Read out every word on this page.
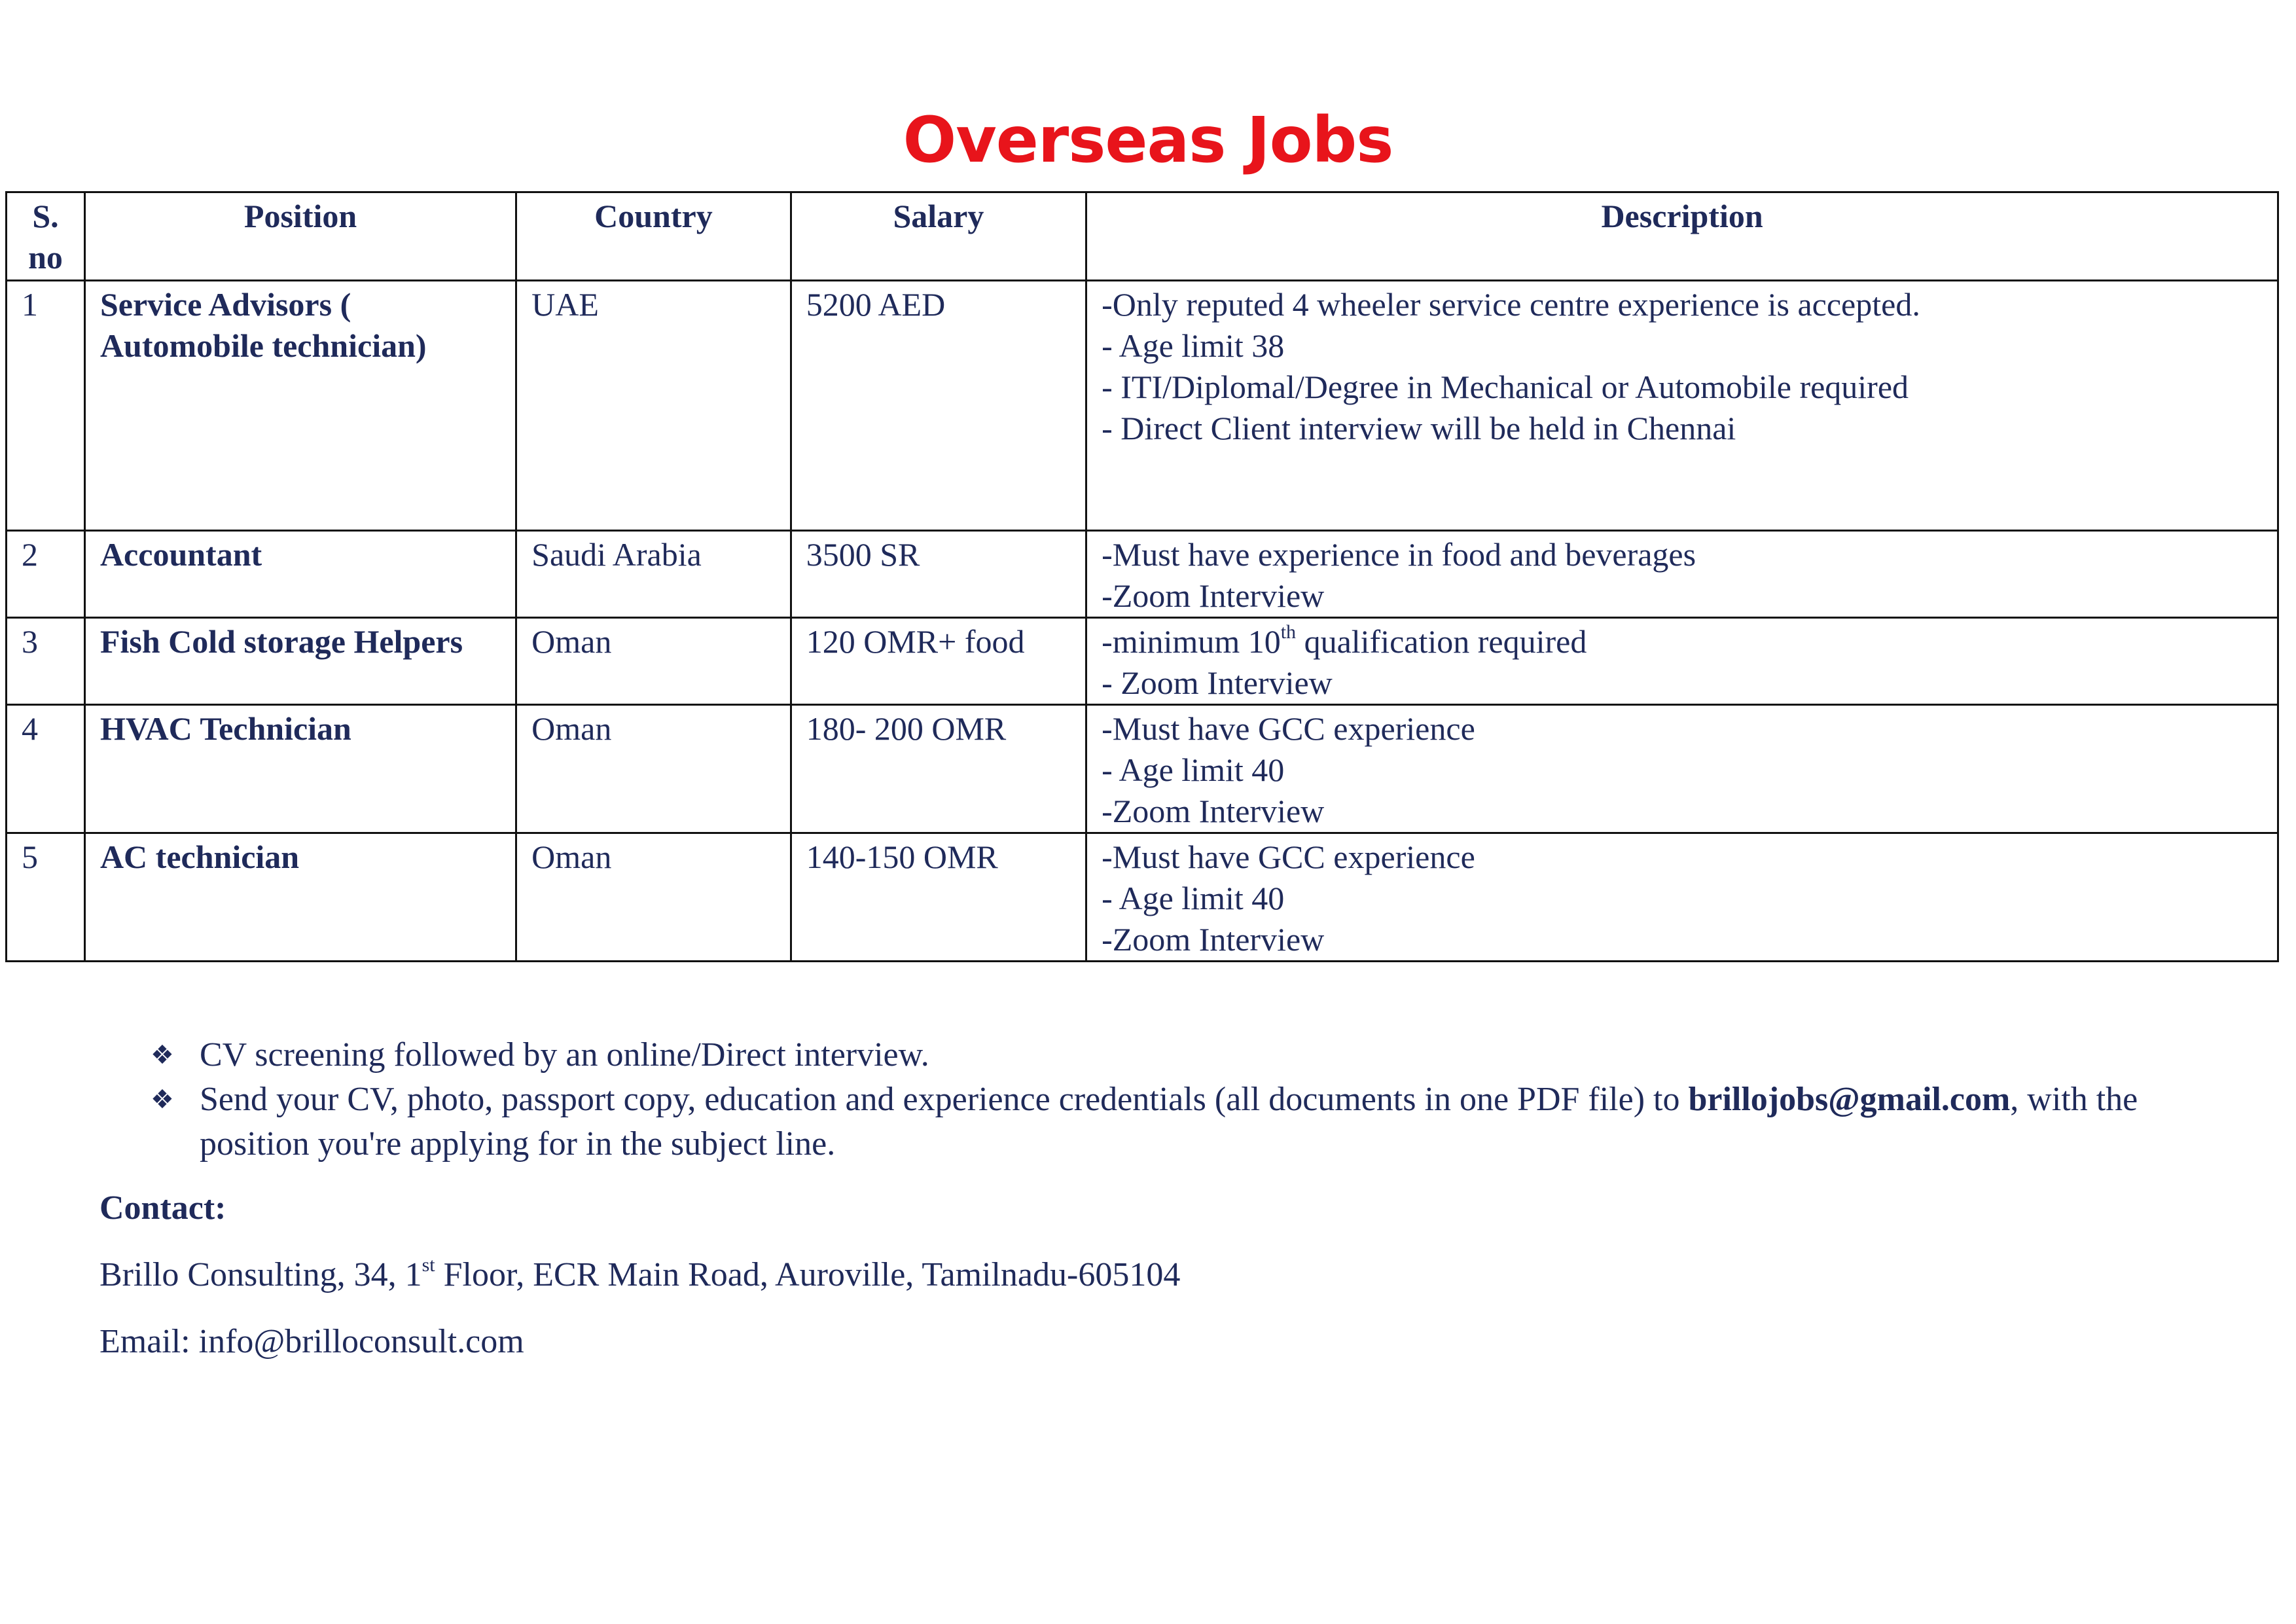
Overseas Jobs
S. no	Position	Country	Salary	Description
1	Service Advisors ( Automobile technician)	UAE	5200 AED	-Only reputed 4 wheeler service centre experience is accepted.
- Age limit 38
- ITI/Diplomal/Degree in Mechanical or Automobile required
- Direct Client interview will be held in Chennai

2	Accountant	Saudi Arabia	3500 SR	-Must have experience in food and beverages
-Zoom Interview

3	Fish Cold storage Helpers	Oman	120 OMR+ food	-minimum 10th qualification required
- Zoom Interview

4	HVAC Technician	Oman	180- 200 OMR	-Must have GCC experience
- Age limit 40
-Zoom Interview

5	AC technician	Oman	140-150 OMR	-Must have GCC experience
- Age limit 40
-Zoom Interview
❖ CV screening followed by an online/Direct interview.
❖ Send your CV, photo, passport copy, education and experience credentials (all documents in one PDF file) to brillojobs@gmail.com, with the position you're applying for in the subject line.

Contact:

Brillo Consulting, 34, 1st Floor, ECR Main Road, Auroville, Tamilnadu-605104

Email: info@brilloconsult.com
